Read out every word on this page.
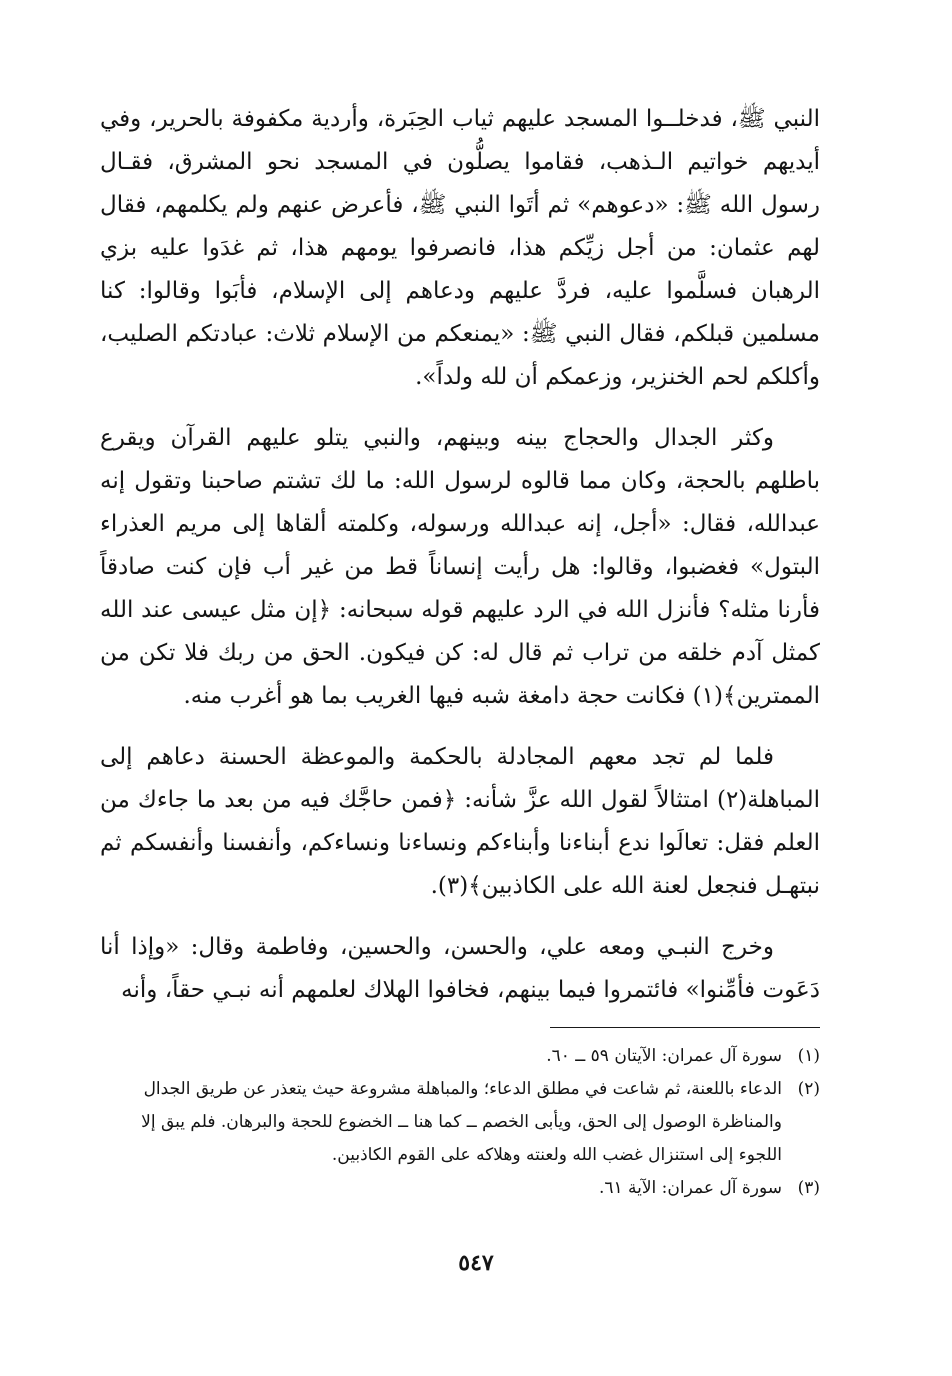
النبي ﷺ، فدخلــوا المسجد عليهم ثياب الحِبَرة، وأردية مكفوفة بالحرير، وفي أيديهم خواتيم الـذهب، فقاموا يصلُّون في المسجد نحو المشرق، فقـال رسول الله ﷺ: «دعوهم» ثم أتَوا النبي ﷺ، فأعرض عنهم ولم يكلمهم، فقال لهم عثمان: من أجل زيِّكم هذا، فانصرفوا يومهم هذا، ثم غدَوا عليه بزي الرهبان فسلَّموا عليه، فردَّ عليهم ودعاهم إلى الإسلام، فأبَوا وقالوا: كنا مسلمين قبلكم، فقال النبي ﷺ: «يمنعكم من الإسلام ثلاث: عبادتكم الصليب، وأكلكم لحم الخنزير، وزعمكم أن لله ولداً».

وكثر الجدال والحجاج بينه وبينهم، والنبي يتلو عليهم القرآن ويقرع باطلهم بالحجة، وكان مما قالوه لرسول الله: ما لك تشتم صاحبنا وتقول إنه عبدالله، فقال: «أجل، إنه عبدالله ورسوله، وكلمته ألقاها إلى مريم العذراء البتول» فغضبوا، وقالوا: هل رأيت إنساناً قط من غير أب فإن كنت صادقاً فأرنا مثله؟ فأنزل الله في الرد عليهم قوله سبحانه: ﴿إن مثل عيسى عند الله كمثل آدم خلقه من تراب ثم قال له: كن فيكون. الحق من ربك فلا تكن من الممترين﴾(١) فكانت حجة دامغة شبه فيها الغريب بما هو أغرب منه.

فلما لم تجد معهم المجادلة بالحكمة والموعظة الحسنة دعاهم إلى المباهلة(٢) امتثالاً لقول الله عزَّ شأنه: ﴿فمن حاجَّك فيه من بعد ما جاءك من العلم فقل: تعالَوا ندع أبناءنا وأبناءكم ونساءنا ونساءكم، وأنفسنا وأنفسكم ثم نبتهـل فنجعل لعنة الله على الكاذبين﴾(٣).

وخرج النبـي ومعه علي، والحسن، والحسين، وفاطمة وقال: «وإذا أنا دَعَوت فأمِّنوا» فائتمروا فيما بينهم، فخافوا الهلاك لعلمهم أنه نبـي حقاً، وأنه

(١)
سورة آل عمران: الآيتان ٥٩ ــ ٦٠.

(٢)
الدعاء باللعنة، ثم شاعت في مطلق الدعاء؛ والمباهلة مشروعة حيث يتعذر عن طريق الجدال والمناظرة الوصول إلى الحق، ويأبى الخصم ــ كما هنا ــ الخضوع للحجة والبرهان. فلم يبق إلا اللجوء إلى استنزال غضب الله ولعنته وهلاكه على القوم الكاذبين.

(٣)
سورة آل عمران: الآية ٦١.

٥٤٧
